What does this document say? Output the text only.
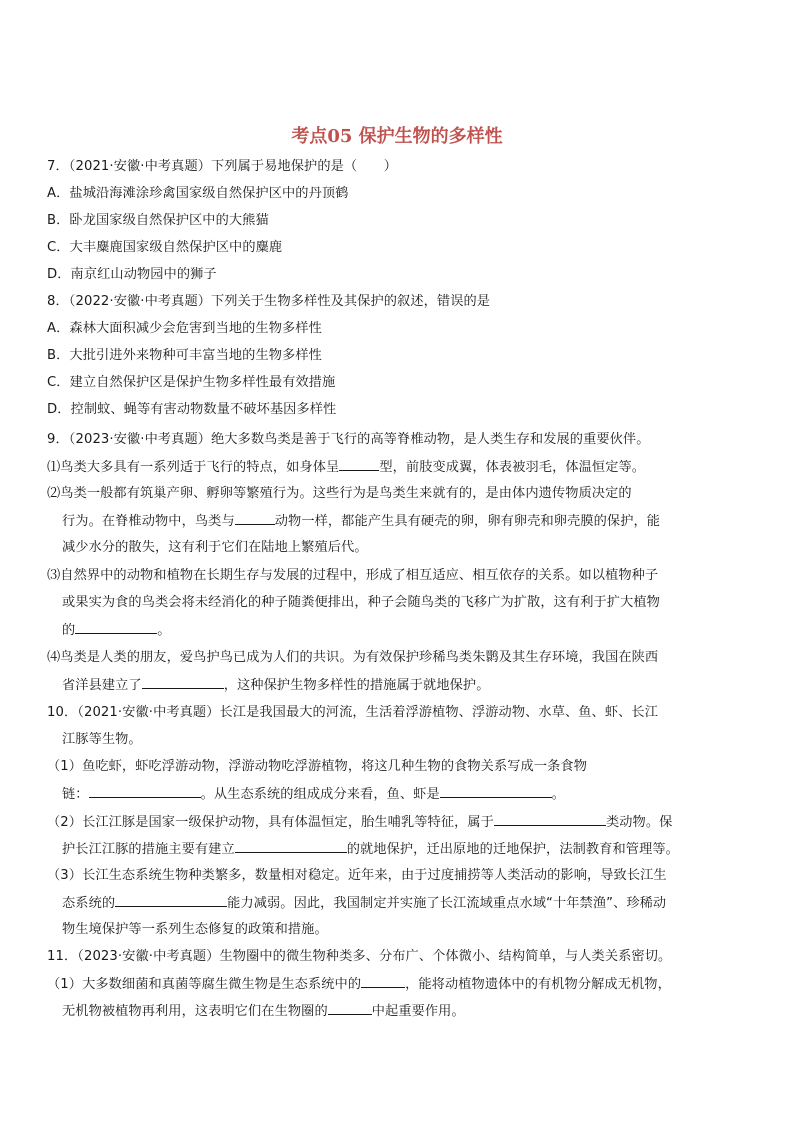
考点05 保护生物的多样性
7．（2021·安徽·中考真题）下列属于易地保护的是（　　）
A．盐城沿海滩涂珍禽国家级自然保护区中的丹顶鹤
B．卧龙国家级自然保护区中的大熊猫
C．大丰麋鹿国家级自然保护区中的麋鹿
D．南京红山动物园中的狮子
8．（2022·安徽·中考真题）下列关于生物多样性及其保护的叙述，错误的是
A．森林大面积减少会危害到当地的生物多样性
B．大批引进外来物种可丰富当地的生物多样性
C．建立自然保护区是保护生物多样性最有效措施
D．控制蚊、蝇等有害动物数量不破坏基因多样性
9．（2023·安徽·中考真题）绝大多数鸟类是善于飞行的高等脊椎动物，是人类生存和发展的重要伙伴。
⑴鸟类大多具有一系列适于飞行的特点，如身体呈	型，前肢变成翼，体表被羽毛，体温恒定等。
⑵鸟类一般都有筑巢产卵、孵卵等繁殖行为。这些行为是鸟类生来就有的，是由体内遗传物质决定的
行为。在脊椎动物中，鸟类与	动物一样，都能产生具有硬壳的卵，卵有卵壳和卵壳膜的保护，能
减少水分的散失，这有利于它们在陆地上繁殖后代。
⑶自然界中的动物和植物在长期生存与发展的过程中，形成了相互适应、相互依存的关系。如以植物种子
或果实为食的鸟类会将未经消化的种子随粪便排出，种子会随鸟类的飞移广为扩散，这有利于扩大植物
的	。
⑷鸟类是人类的朋友，爱鸟护鸟已成为人们的共识。为有效保护珍稀鸟类朱鹮及其生存环境，我国在陕西
省洋县建立了	，这种保护生物多样性的措施属于就地保护。
10．（2021·安徽·中考真题）长江是我国最大的河流，生活着浮游植物、浮游动物、水草、鱼、虾、长江
江豚等生物。
（1）鱼吃虾，虾吃浮游动物，浮游动物吃浮游植物，将这几种生物的食物关系写成一条食物
链：	。从生态系统的组成成分来看，鱼、虾是	。
（2）长江江豚是国家一级保护动物，具有体温恒定，胎生哺乳等特征，属于	类动物。保
护长江江豚的措施主要有建立	的就地保护，迁出原地的迁地保护，法制教育和管理等。
（3）长江生态系统生物种类繁多，数量相对稳定。近年来，由于过度捕捞等人类活动的影响，导致长江生
态系统的	能力减弱。因此，我国制定并实施了长江流域重点水域“十年禁渔”、珍稀动
物生境保护等一系列生态修复的政策和措施。
11．（2023·安徽·中考真题）生物圈中的微生物种类多、分布广、个体微小、结构简单，与人类关系密切。
（1）大多数细菌和真菌等腐生微生物是生态系统中的	，能将动植物遗体中的有机物分解成无机物，
无机物被植物再利用，这表明它们在生物圈的	中起重要作用。
